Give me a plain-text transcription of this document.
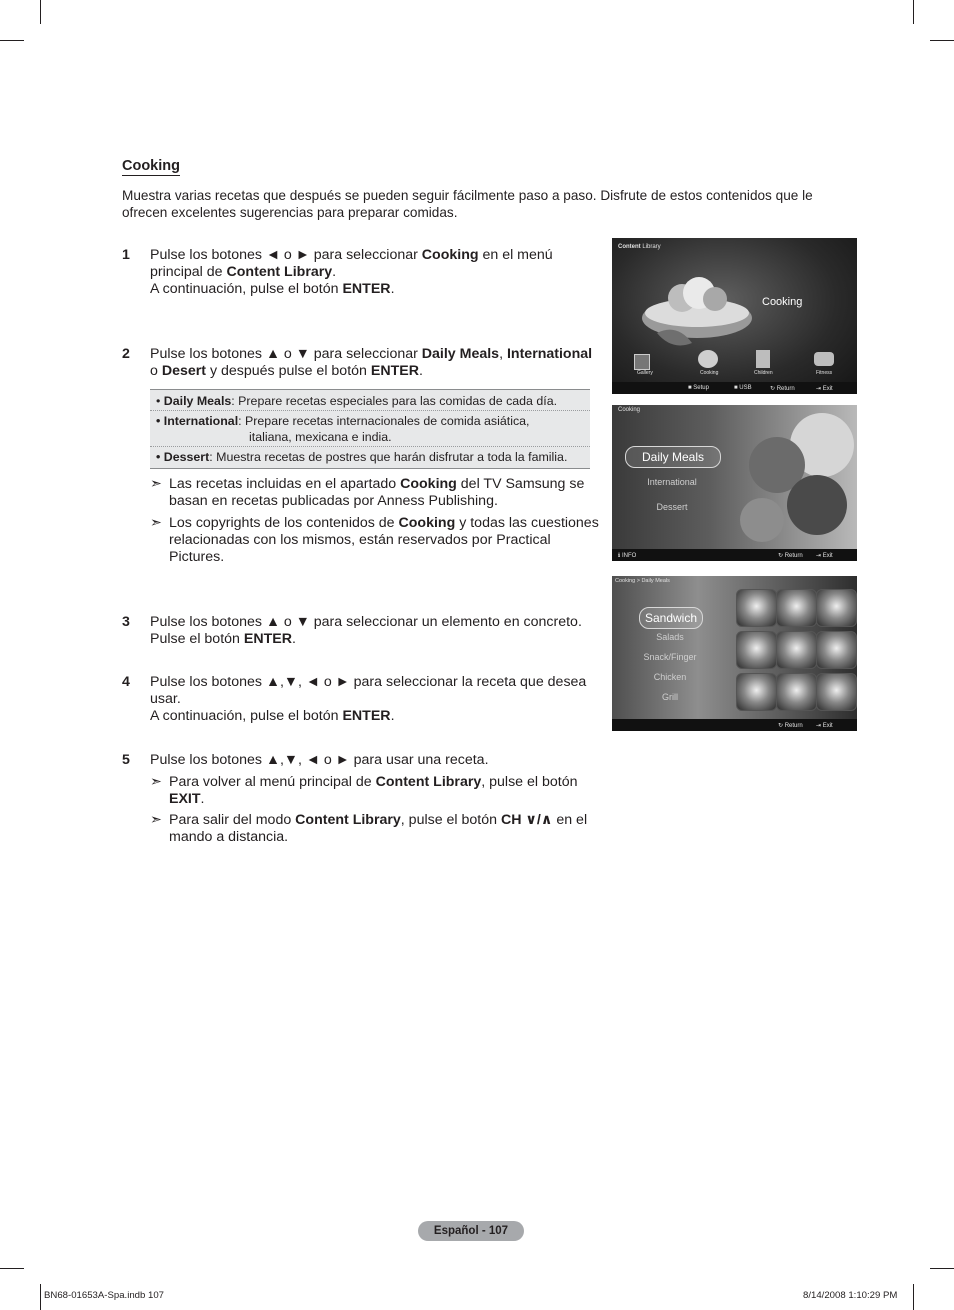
Cooking
Muestra varias recetas que después se pueden seguir fácilmente paso a paso. Disfrute de estos contenidos que le ofrecen excelentes sugerencias para preparar comidas.
1 Pulse los botones ◄ o ► para seleccionar Cooking en el menú
principal de Content Library.
A continuación, pulse el botón ENTER.
2 Pulse los botones ▲ o ▼ para seleccionar Daily Meals, International
o Desert y después pulse el botón ENTER.
• Daily Meals: Prepare recetas especiales para las comidas de cada día.
• International: Prepare recetas internacionales de comida asiática,
italiana, mexicana e india.
• Dessert: Muestra recetas de postres que harán disfrutar a toda la familia.
➣ Las recetas incluidas en el apartado Cooking del TV Samsung se basan en recetas publicadas por Anness Publishing.
➣ Los copyrights de los contenidos de Cooking y todas las cuestiones relacionadas con los mismos, están reservados por Practical Pictures.
3 Pulse los botones ▲ o ▼ para seleccionar un elemento en concreto.
Pulse el botón ENTER.
4 Pulse los botones ▲,▼, ◄ o ► para seleccionar la receta que desea
usar.
A continuación, pulse el botón ENTER.
5 Pulse los botones ▲,▼, ◄ o ► para usar una receta.
➣ Para volver al menú principal de Content Library, pulse el botón EXIT.
➣ Para salir del modo Content Library, pulse el botón CH ∨/∧ en el mando a distancia.
Content Library
Cooking
Gallery	Cooking	Children	Fitness
■ Setup	■ USB	↻ Return	⇥ Exit
Cooking
Daily Meals
International
Dessert
ℹ INFO	↻ Return ⇥ Exit
Cooking > Daily Meals
Sandwich
Salads
Snack/Finger
Chicken
Grill
↻ Return ⇥ Exit
Español - 107
BN68-01653A-Spa.indb 107	8/14/2008 1:10:29 PM
